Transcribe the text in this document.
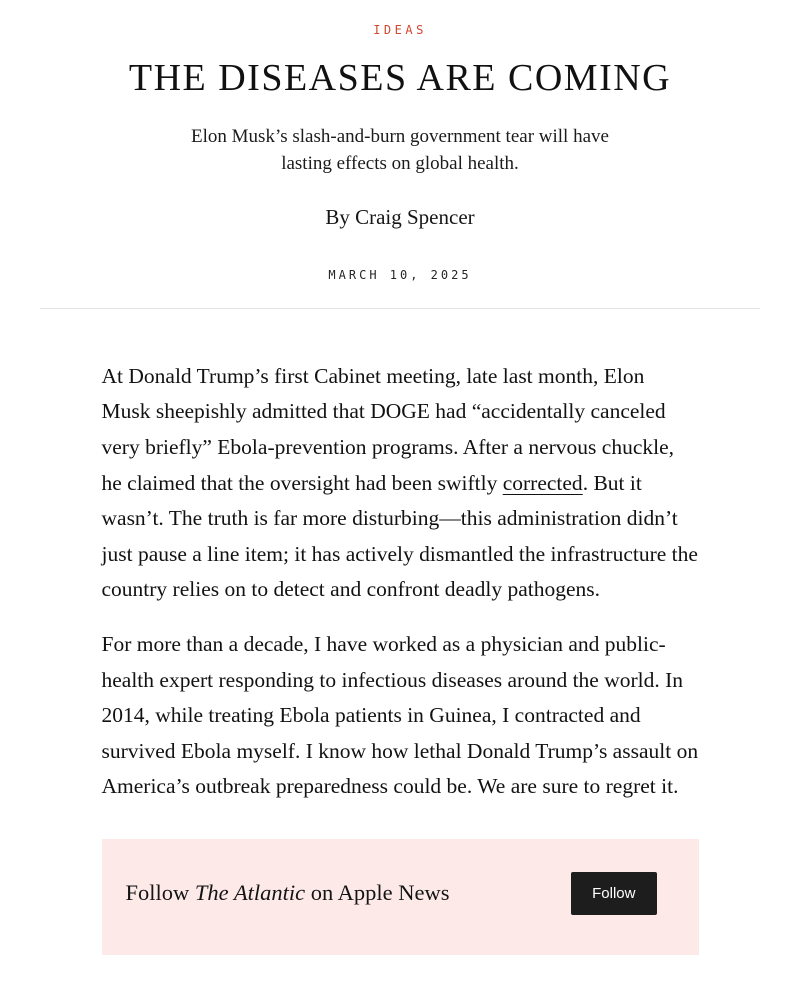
IDEAS
THE DISEASES ARE COMING

Elon Musk’s slash-and-burn government tear will have lasting effects on global health.

By Craig Spencer
MARCH 10, 2025

At Donald Trump’s first Cabinet meeting, late last month, Elon Musk sheepishly admitted that DOGE had “accidentally canceled very briefly” Ebola-prevention programs. After a nervous chuckle, he claimed that the oversight had been swiftly corrected. But it wasn’t. The truth is far more disturbing—this administration didn’t just pause a line item; it has actively dismantled the infrastructure the country relies on to detect and confront deadly pathogens.

For more than a decade, I have worked as a physician and public-health expert responding to infectious diseases around the world. In 2014, while treating Ebola patients in Guinea, I contracted and survived Ebola myself. I know how lethal Donald Trump’s assault on America’s outbreak preparedness could be. We are sure to regret it.

Follow The Atlantic on Apple News	Follow
